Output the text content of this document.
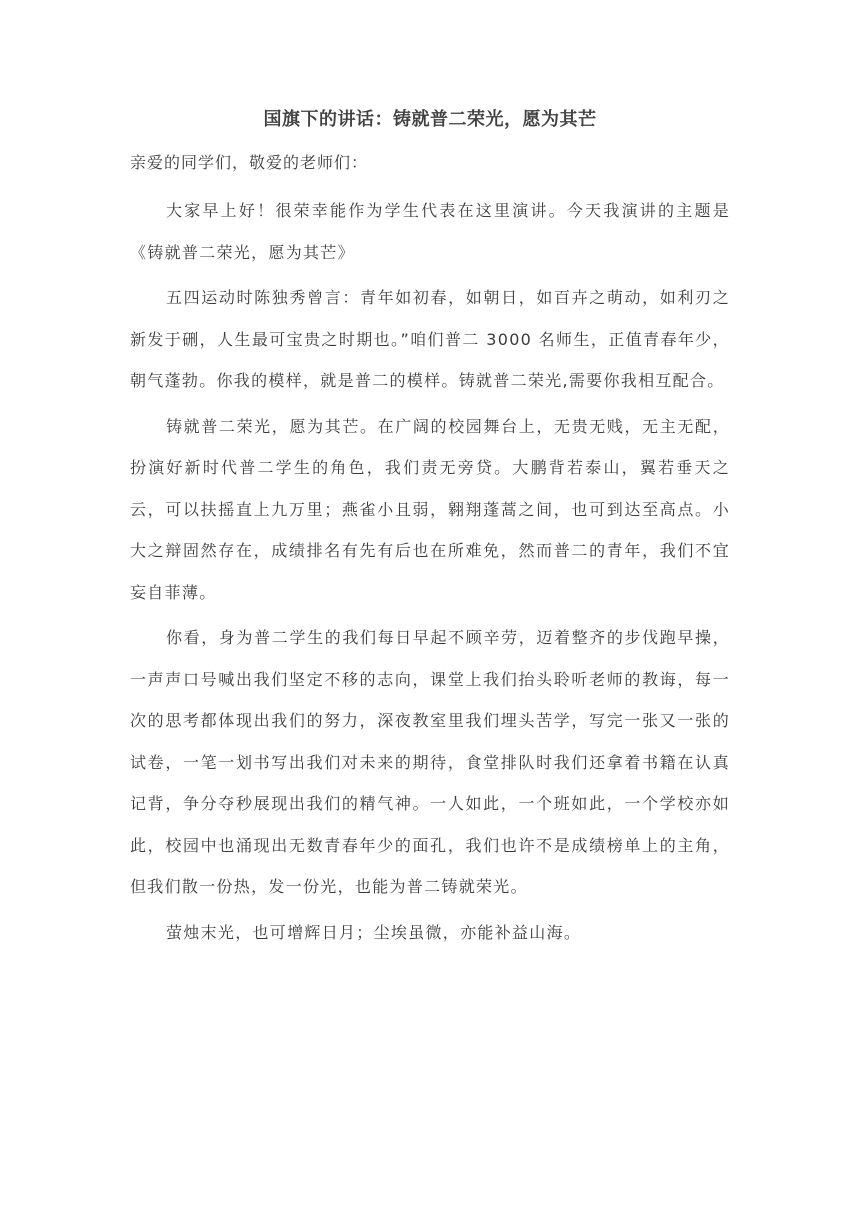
国旗下的讲话：铸就普二荣光，愿为其芒

亲爱的同学们，敬爱的老师们：

大家早上好！很荣幸能作为学生代表在这里演讲。今天我演讲的主题是《铸就普二荣光，愿为其芒》

五四运动时陈独秀曾言：青年如初春，如朝日，如百卉之萌动，如利刃之新发于硎，人生最可宝贵之时期也。”咱们普二 3000 名师生，正值青春年少，朝气蓬勃。你我的模样，就是普二的模样。铸就普二荣光,需要你我相互配合。

铸就普二荣光，愿为其芒。在广阔的校园舞台上，无贵无贱，无主无配，扮演好新时代普二学生的角色，我们责无旁贷。大鹏背若泰山，翼若垂天之云，可以扶摇直上九万里；燕雀小且弱，翱翔蓬蒿之间，也可到达至高点。小大之辩固然存在，成绩排名有先有后也在所难免，然而普二的青年，我们不宜妄自菲薄。

你看，身为普二学生的我们每日早起不顾辛劳，迈着整齐的步伐跑早操，一声声口号喊出我们坚定不移的志向，课堂上我们抬头聆听老师的教诲，每一次的思考都体现出我们的努力，深夜教室里我们埋头苦学，写完一张又一张的试卷，一笔一划书写出我们对未来的期待，食堂排队时我们还拿着书籍在认真记背，争分夺秒展现出我们的精气神。一人如此，一个班如此，一个学校亦如此，校园中也涌现出无数青春年少的面孔，我们也许不是成绩榜单上的主角，但我们散一份热，发一份光，也能为普二铸就荣光。

萤烛末光，也可增辉日月；尘埃虽微，亦能补益山海。
